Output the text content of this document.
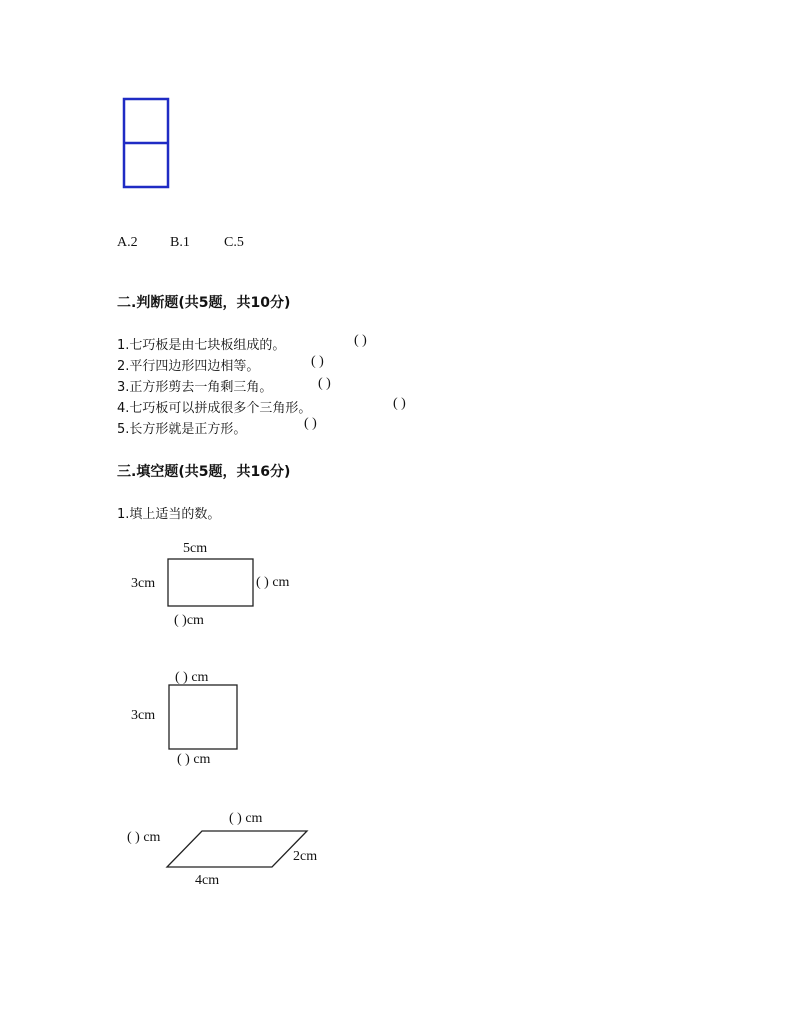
A.2 B.1 C.5
二.判断题(共5题，共10分)
1.七巧板是由七块板组成的。	( )
2.平行四边形四边相等。	( )
3.正方形剪去一角剩三角。	( )
4.七巧板可以拼成很多个三角形。	( )
5.长方形就是正方形。	( )
三.填空题(共5题，共16分)
1.填上适当的数。
5cm
3cm	( ) cm
( )cm
( ) cm
3cm
( ) cm
( ) cm
( ) cm
2cm
4cm
